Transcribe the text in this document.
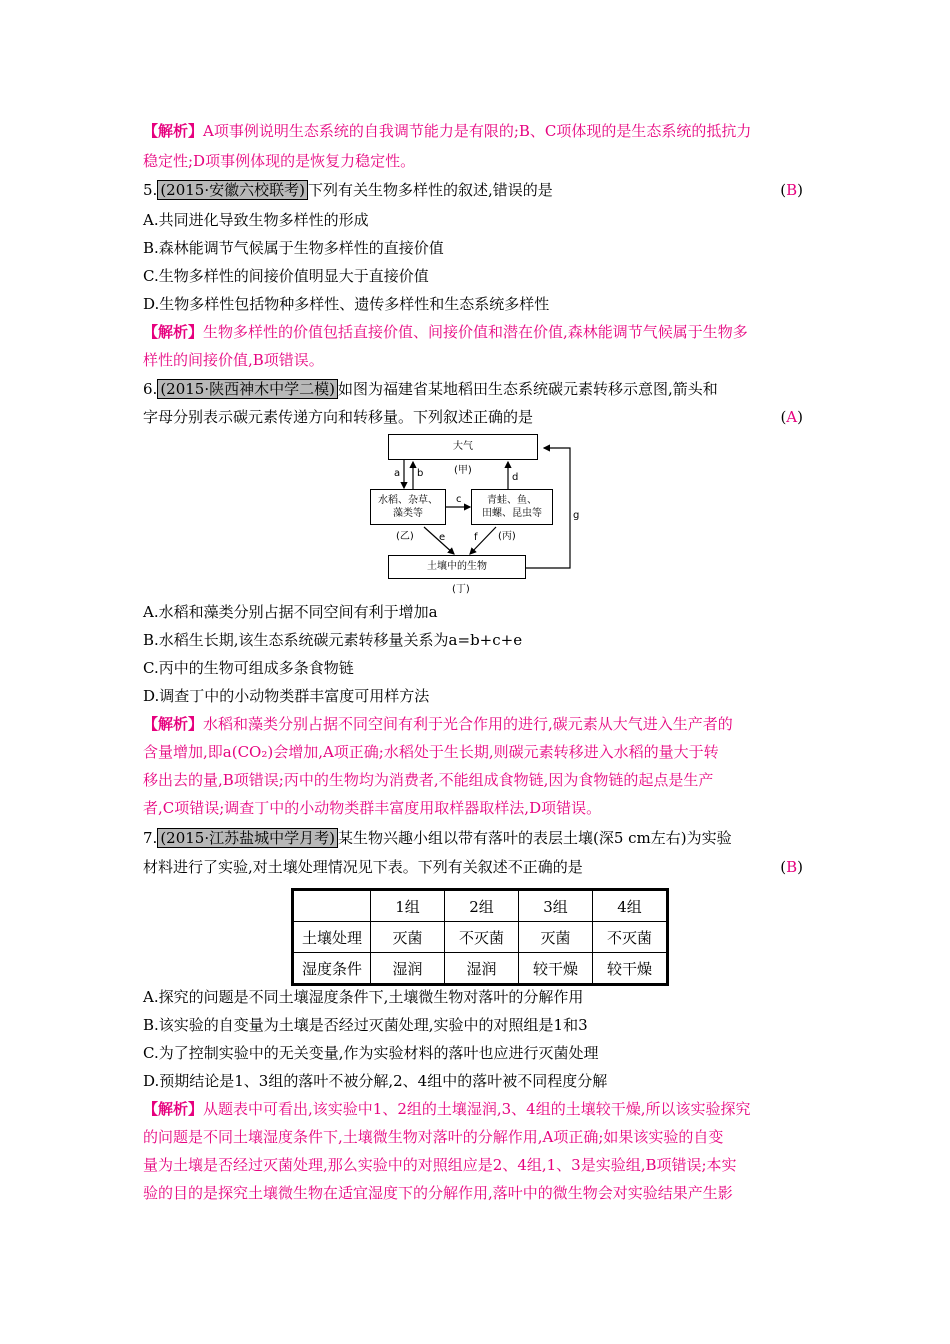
【解析】A项事例说明生态系统的自我调节能力是有限的;B、C项体现的是生态系统的抵抗力
稳定性;D项事例体现的是恢复力稳定性。
5. (2015·安徽六校联考) 下列有关生物多样性的叙述,错误的是	(B)
A.共同进化导致生物多样性的形成
B.森林能调节气候属于生物多样性的直接价值
C.生物多样性的间接价值明显大于直接价值
D.生物多样性包括物种多样性、遗传多样性和生态系统多样性
【解析】生物多样性的价值包括直接价值、间接价值和潜在价值,森林能调节气候属于生物多
样性的间接价值,B项错误。
6. (2015·陕西神木中学二模) 如图为福建省某地稻田生态系统碳元素转移示意图,箭头和
字母分别表示碳元素传递方向和转移量。下列叙述正确的是	(A)
大气
(甲)
水稻、杂草、
藻类等
(乙)
青蛙、鱼、
田螺、昆虫等
(丙)
土壤中的生物
(丁)
a b
c
d
e	f
g
A.水稻和藻类分别占据不同空间有利于增加a
B.水稻生长期,该生态系统碳元素转移量关系为a=b+c+e
C.丙中的生物可组成多条食物链
D.调查丁中的小动物类群丰富度可用样方法
【解析】水稻和藻类分别占据不同空间有利于光合作用的进行,碳元素从大气进入生产者的
含量增加,即a(CO₂)会增加,A项正确;水稻处于生长期,则碳元素转移进入水稻的量大于转
移出去的量,B项错误;丙中的生物均为消费者,不能组成食物链,因为食物链的起点是生产
者,C项错误;调查丁中的小动物类群丰富度用取样器取样法,D项错误。
7. (2015·江苏盐城中学月考) 某生物兴趣小组以带有落叶的表层土壤(深5 cm左右)为实验
材料进行了实验,对土壤处理情况见下表。下列有关叙述不正确的是	(B)
	1组	2组	3组	4组
土壤处理	灭菌	不灭菌	灭菌	不灭菌
湿度条件	湿润	湿润	较干燥	较干燥
A.探究的问题是不同土壤湿度条件下,土壤微生物对落叶的分解作用
B.该实验的自变量为土壤是否经过灭菌处理,实验中的对照组是1和3
C.为了控制实验中的无关变量,作为实验材料的落叶也应进行灭菌处理
D.预期结论是1、3组的落叶不被分解,2、4组中的落叶被不同程度分解
【解析】从题表中可看出,该实验中1、2组的土壤湿润,3、4组的土壤较干燥,所以该实验探究
的问题是不同土壤湿度条件下,土壤微生物对落叶的分解作用,A项正确;如果该实验的自变
量为土壤是否经过灭菌处理,那么实验中的对照组应是2、4组,1、3是实验组,B项错误;本实
验的目的是探究土壤微生物在适宜湿度下的分解作用,落叶中的微生物会对实验结果产生影
